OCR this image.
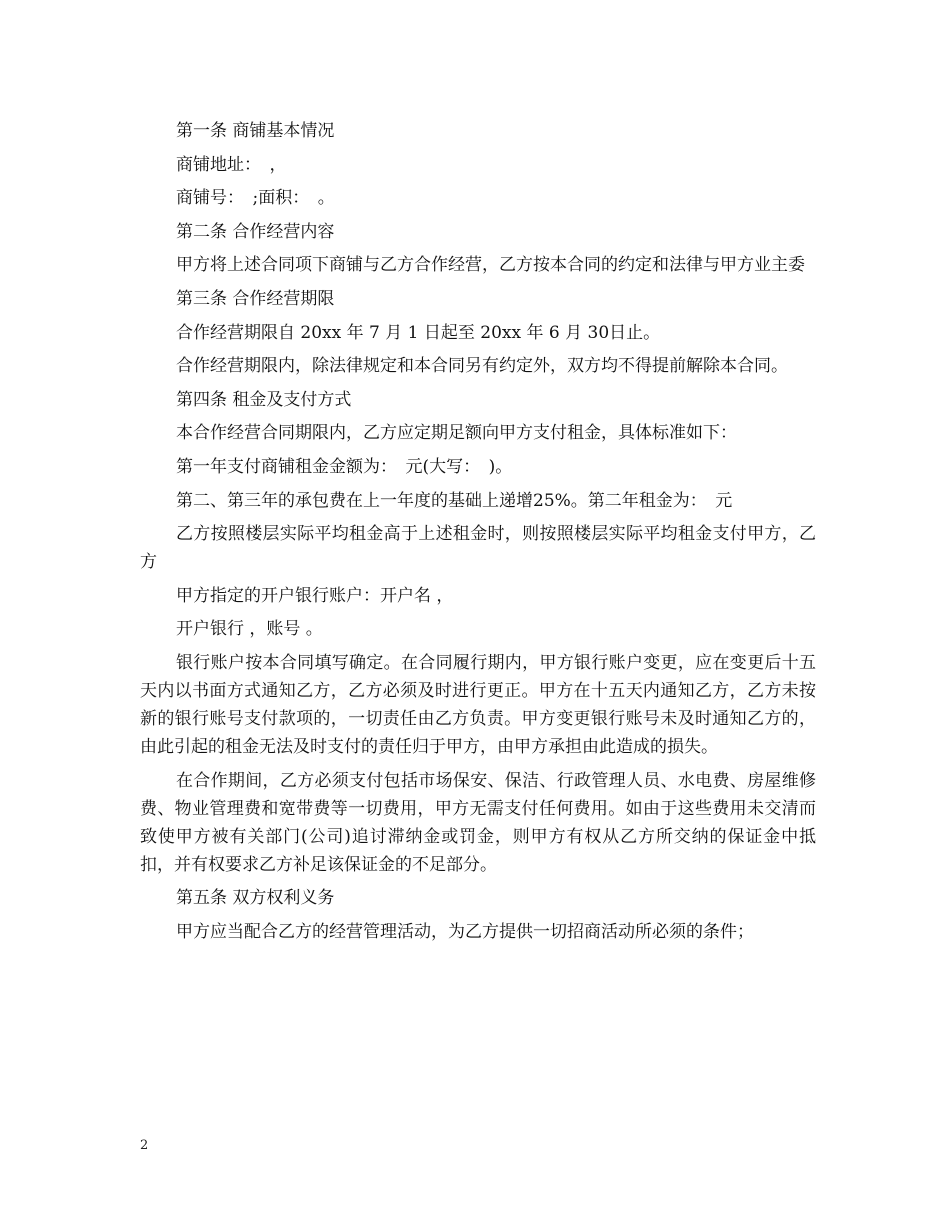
第一条 商铺基本情况

商铺地址：　，

商铺号：　;面积：　。

第二条 合作经营内容

甲方将上述合同项下商铺与乙方合作经营，乙方按本合同的约定和法律与甲方业主委

第三条 合作经营期限

合作经营期限自 20xx 年 7 月 1 日起至 20xx 年 6 月 30日止。

合作经营期限内，除法律规定和本合同另有约定外，双方均不得提前解除本合同。

第四条 租金及支付方式

本合作经营合同期限内，乙方应定期足额向甲方支付租金，具体标准如下：

第一年支付商铺租金金额为：　元(大写：　)。

第二、第三年的承包费在上一年度的基础上递增25%。第二年租金为：　元

乙方按照楼层实际平均租金高于上述租金时，则按照楼层实际平均租金支付甲方，乙方

甲方指定的开户银行账户：开户名 ，

开户银行 ，账号 。

银行账户按本合同填写确定。在合同履行期内，甲方银行账户变更，应在变更后十五天内以书面方式通知乙方，乙方必须及时进行更正。甲方在十五天内通知乙方，乙方未按新的银行账号支付款项的，一切责任由乙方负责。甲方变更银行账号未及时通知乙方的，由此引起的租金无法及时支付的责任归于甲方，由甲方承担由此造成的损失。

在合作期间，乙方必须支付包括市场保安、保洁、行政管理人员、水电费、房屋维修费、物业管理费和宽带费等一切费用，甲方无需支付任何费用。如由于这些费用未交清而致使甲方被有关部门(公司)追讨滞纳金或罚金，则甲方有权从乙方所交纳的保证金中抵扣，并有权要求乙方补足该保证金的不足部分。

第五条 双方权利义务

甲方应当配合乙方的经营管理活动，为乙方提供一切招商活动所必须的条件；

2
